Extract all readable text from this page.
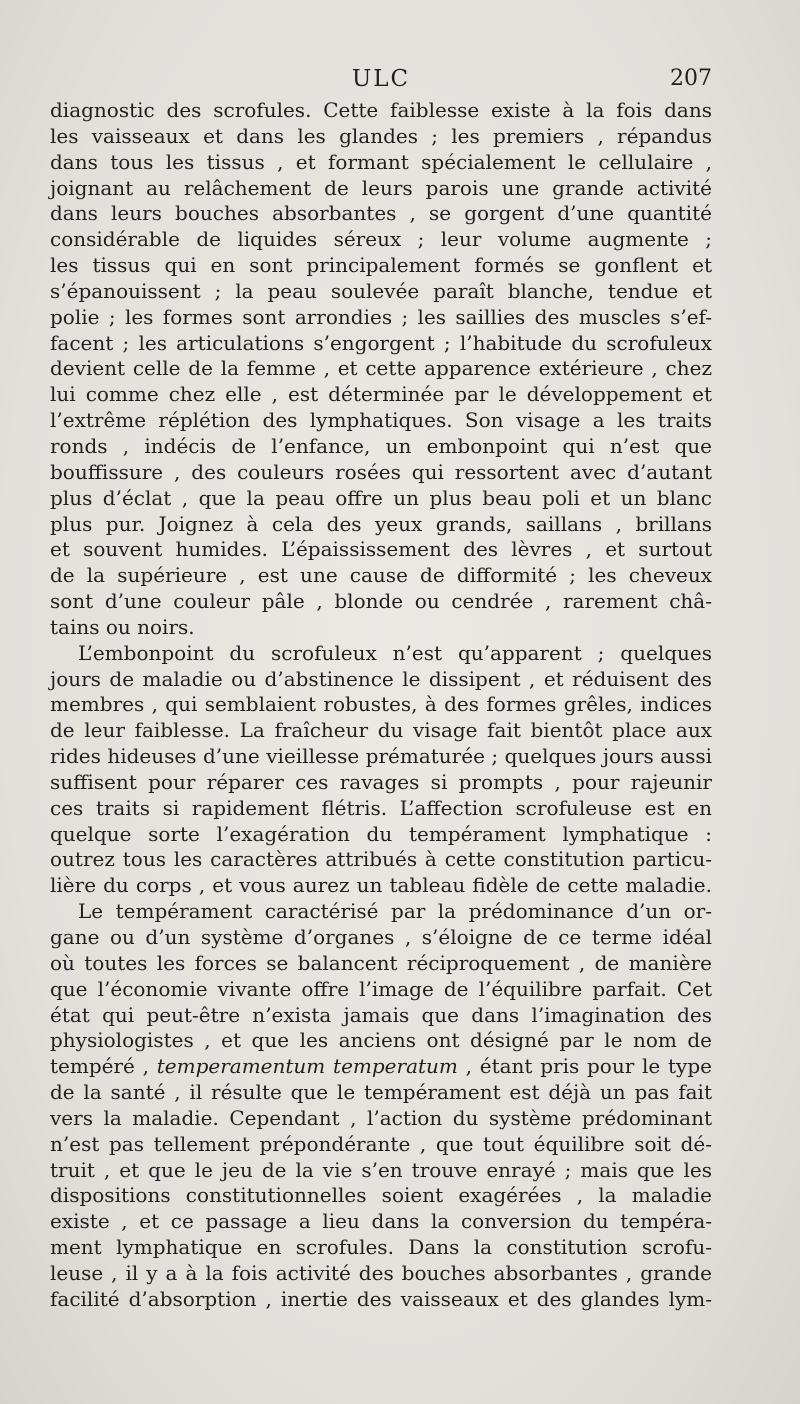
ULC	207
diagnostic des scrofules. Cette faiblesse existe à la fois dans
les vaisseaux et dans les glandes ; les premiers , répandus
dans tous les tissus , et formant spécialement le cellulaire ,
joignant au relâchement de leurs parois une grande activité
dans leurs bouches absorbantes , se gorgent d’une quantité
considérable de liquides séreux ; leur volume augmente ;
les tissus qui en sont principalement formés se gonflent et
s’épanouissent ; la peau soulevée paraît blanche, tendue et
polie ; les formes sont arrondies ; les saillies des muscles s’ef-
facent ; les articulations s’engorgent ; l’habitude du scrofuleux
devient celle de la femme , et cette apparence extérieure , chez
lui comme chez elle , est déterminée par le développement et
l’extrême réplétion des lymphatiques. Son visage a les traits
ronds , indécis de l’enfance, un embonpoint qui n’est que
bouffissure , des couleurs rosées qui ressortent avec d’autant
plus d’éclat , que la peau offre un plus beau poli et un blanc
plus pur. Joignez à cela des yeux grands, saillans , brillans
et souvent humides. L’épaississement des lèvres , et surtout
de la supérieure , est une cause de difformité ; les cheveux
sont d’une couleur pâle , blonde ou cendrée , rarement châ-
tains ou noirs.
L’embonpoint du scrofuleux n’est qu’apparent ; quelques
jours de maladie ou d’abstinence le dissipent , et réduisent des
membres , qui semblaient robustes, à des formes grêles, indices
de leur faiblesse. La fraîcheur du visage fait bientôt place aux
rides hideuses d’une vieillesse prématurée ; quelques jours aussi
suffisent pour réparer ces ravages si prompts , pour rajeunir
ces traits si rapidement flétris. L’affection scrofuleuse est en
quelque sorte l’exagération du tempérament lymphatique :
outrez tous les caractères attribués à cette constitution particu-
lière du corps , et vous aurez un tableau fidèle de cette maladie.
Le tempérament caractérisé par la prédominance d’un or-
gane ou d’un système d’organes , s’éloigne de ce terme idéal
où toutes les forces se balancent réciproquement , de manière
que l’économie vivante offre l’image de l’équilibre parfait. Cet
état qui peut-être n’exista jamais que dans l’imagination des
physiologistes , et que les anciens ont désigné par le nom de
tempéré , temperamentum temperatum , étant pris pour le type
de la santé , il résulte que le tempérament est déjà un pas fait
vers la maladie. Cependant , l’action du système prédominant
n’est pas tellement prépondérante , que tout équilibre soit dé-
truit , et que le jeu de la vie s’en trouve enrayé ; mais que les
dispositions constitutionnelles soient exagérées , la maladie
existe , et ce passage a lieu dans la conversion du tempéra-
ment lymphatique en scrofules. Dans la constitution scrofu-
leuse , il y a à la fois activité des bouches absorbantes , grande
facilité d’absorption , inertie des vaisseaux et des glandes lym-
